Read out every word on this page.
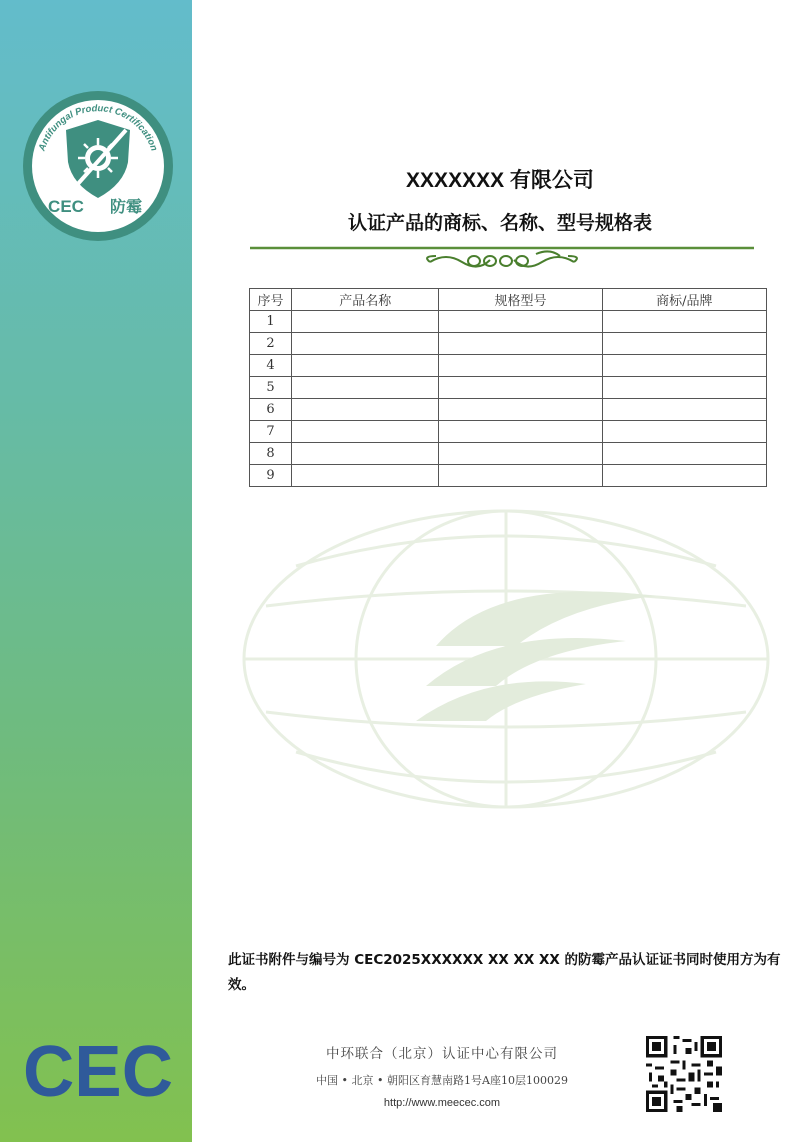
Antifungal Product Certification
CEC 防霉
CEC
XXXXXXX 有限公司
认证产品的商标、名称、型号规格表
序号	产品名称	规格型号	商标/品牌
1			
2			
4			
5			
6			
7			
8			
9			

此证书附件与编号为 CEC2025XXXXXX XX XX XX 的防霉产品认证证书同时使用方为有效。

中环联合（北京）认证中心有限公司
中国 • 北京 • 朝阳区育慧南路1号A座10层100029
http://www.meecec.com
